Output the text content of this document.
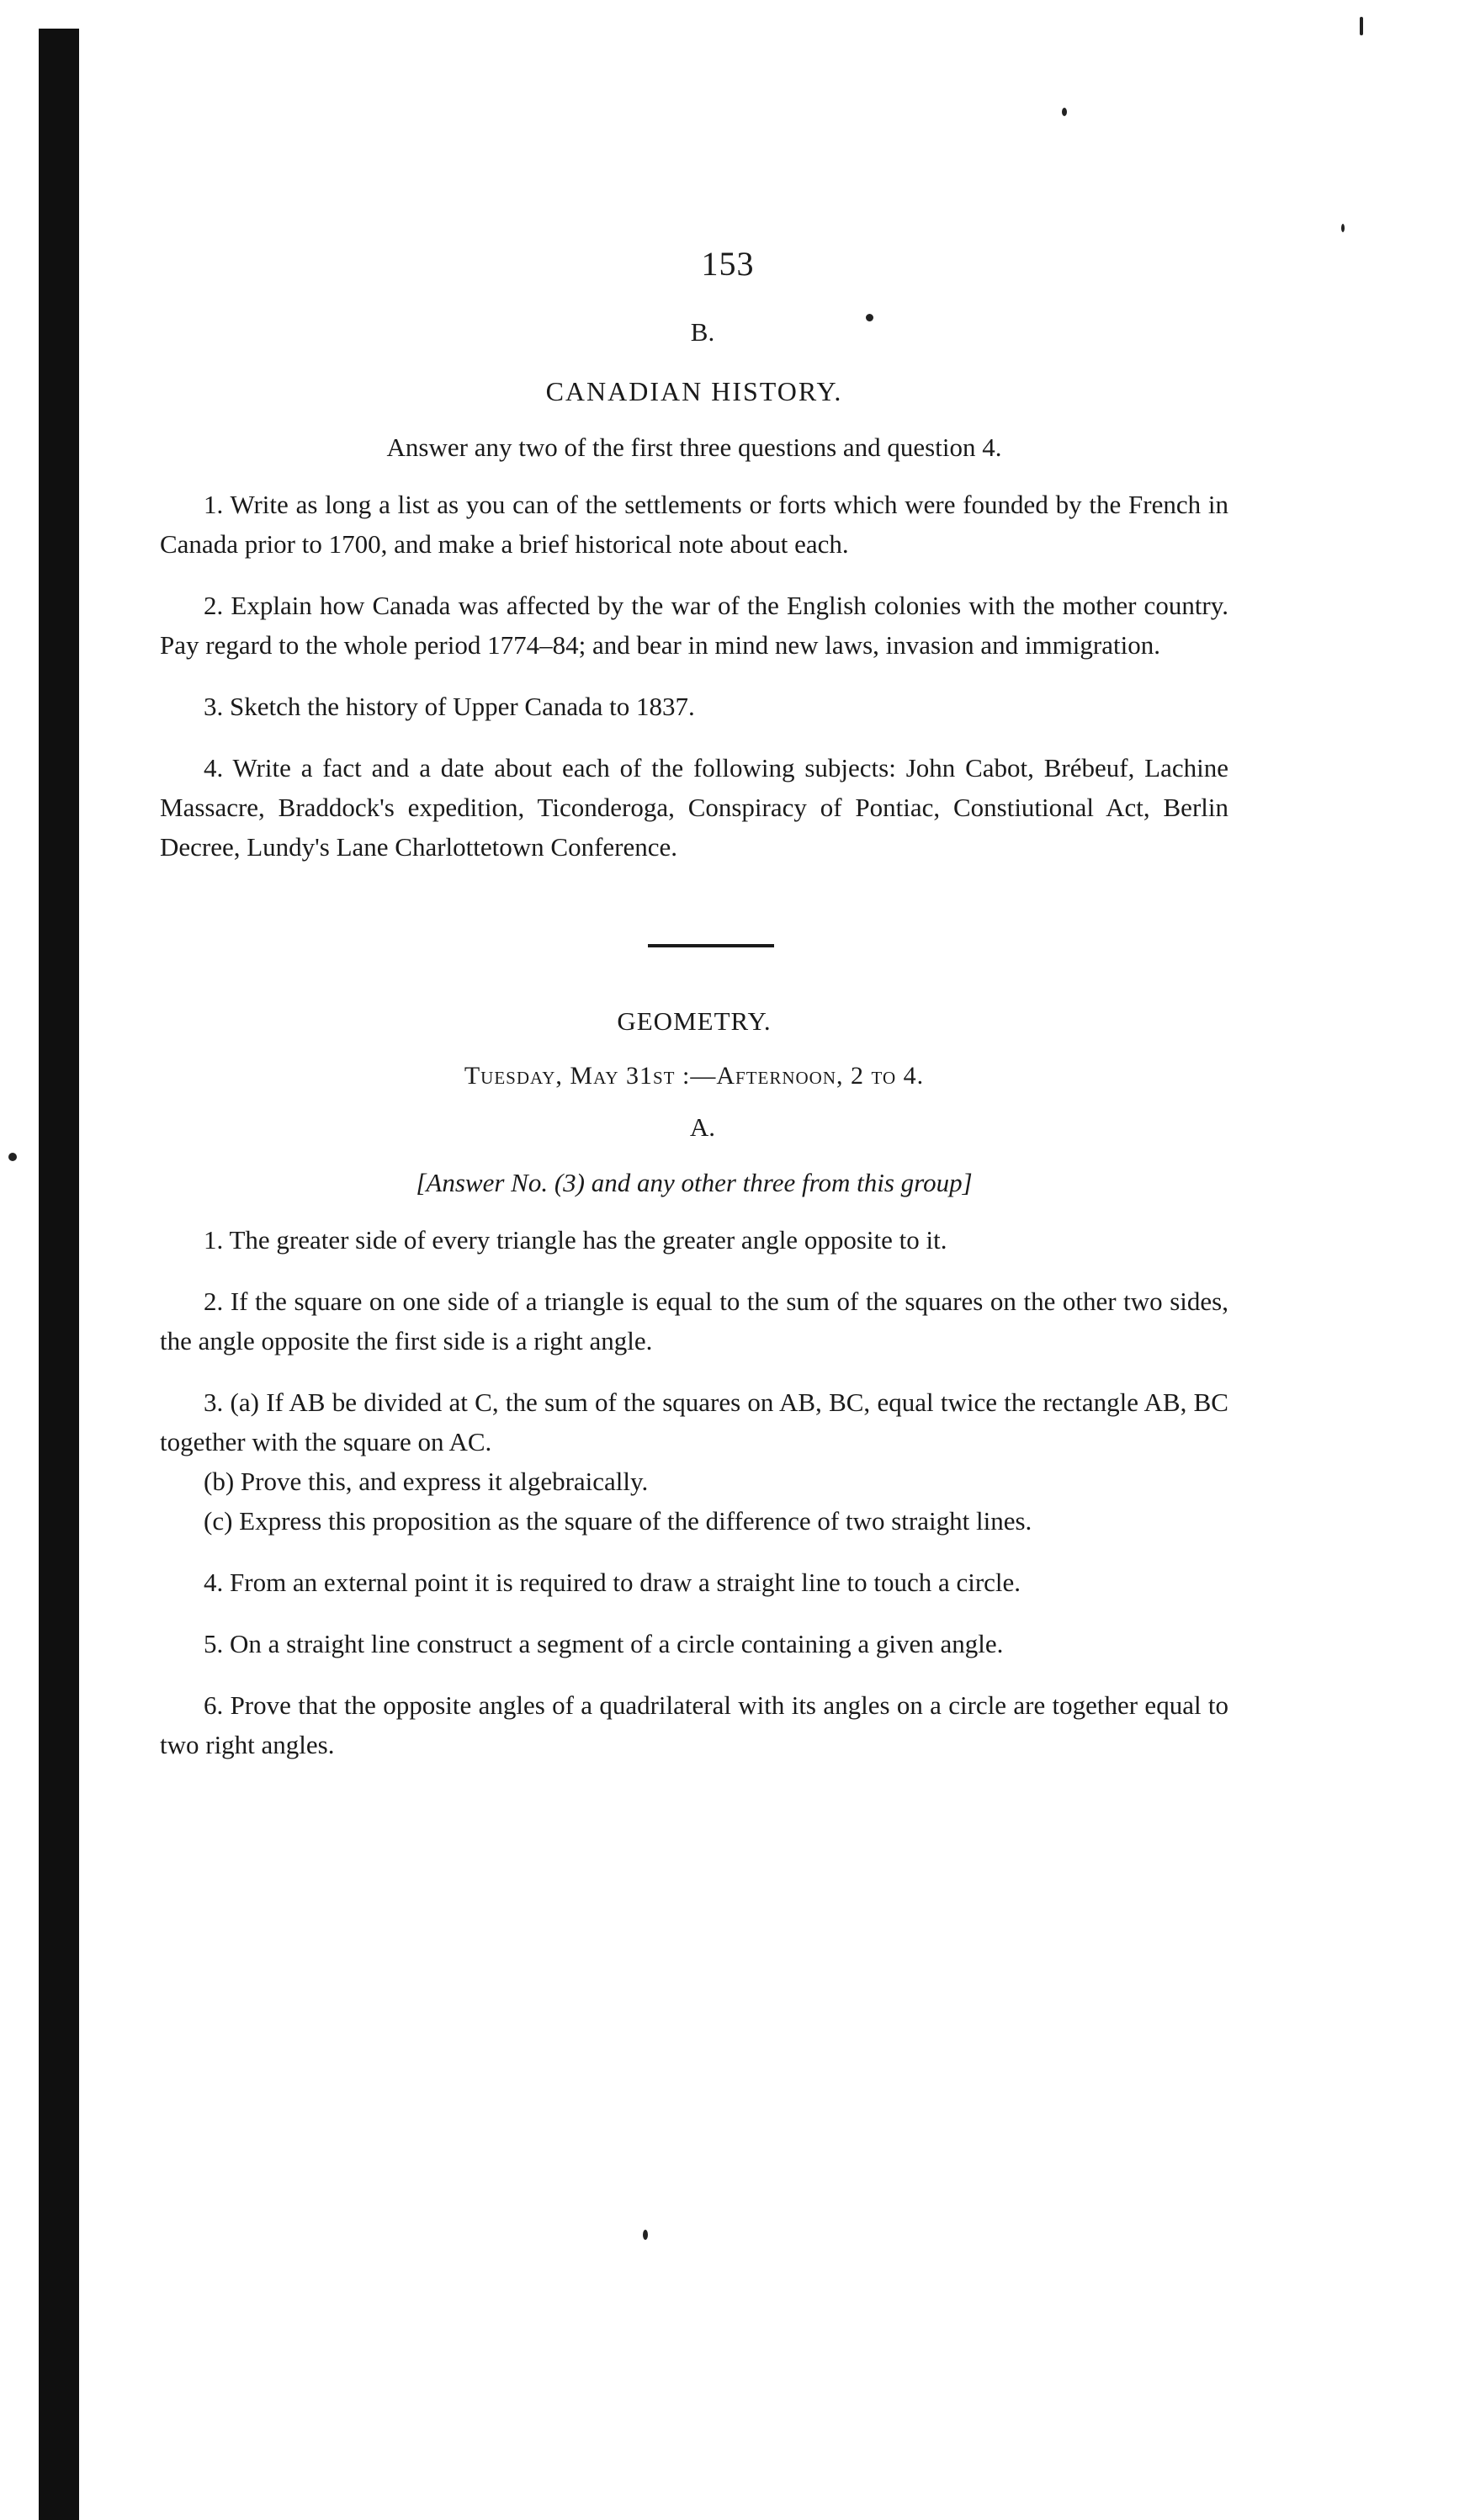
153
B.
CANADIAN HISTORY.
Answer any two of the first three questions and question 4.

1. Write as long a list as you can of the settlements or forts which were founded by the French in Canada prior to 1700, and make a brief historical note about each.

2. Explain how Canada was affected by the war of the English colonies with the mother country. Pay regard to the whole period 1774–84; and bear in mind new laws, invasion and immigration.

3. Sketch the history of Upper Canada to 1837.

4. Write a fact and a date about each of the following subjects: John Cabot, Brébeuf, Lachine Massacre, Braddock's expedition, Ticonderoga, Conspiracy of Pontiac, Constiutional Act, Berlin Decree, Lundy's Lane Charlottetown Conference.

GEOMETRY.
Tuesday, May 31st :—Afternoon, 2 to 4.
A.
[Answer No. (3) and any other three from this group]

1. The greater side of every triangle has the greater angle opposite to it.

2. If the square on one side of a triangle is equal to the sum of the squares on the other two sides, the angle opposite the first side is a right angle.

3. (a) If AB be divided at C, the sum of the squares on AB, BC, equal twice the rectangle AB, BC together with the square on AC.

(b) Prove this, and express it algebraically.

(c) Express this proposition as the square of the difference of two straight lines.

4. From an external point it is required to draw a straight line to touch a circle.

5. On a straight line construct a segment of a circle containing a given angle.

6. Prove that the opposite angles of a quadrilateral with its angles on a circle are together equal to two right angles.
